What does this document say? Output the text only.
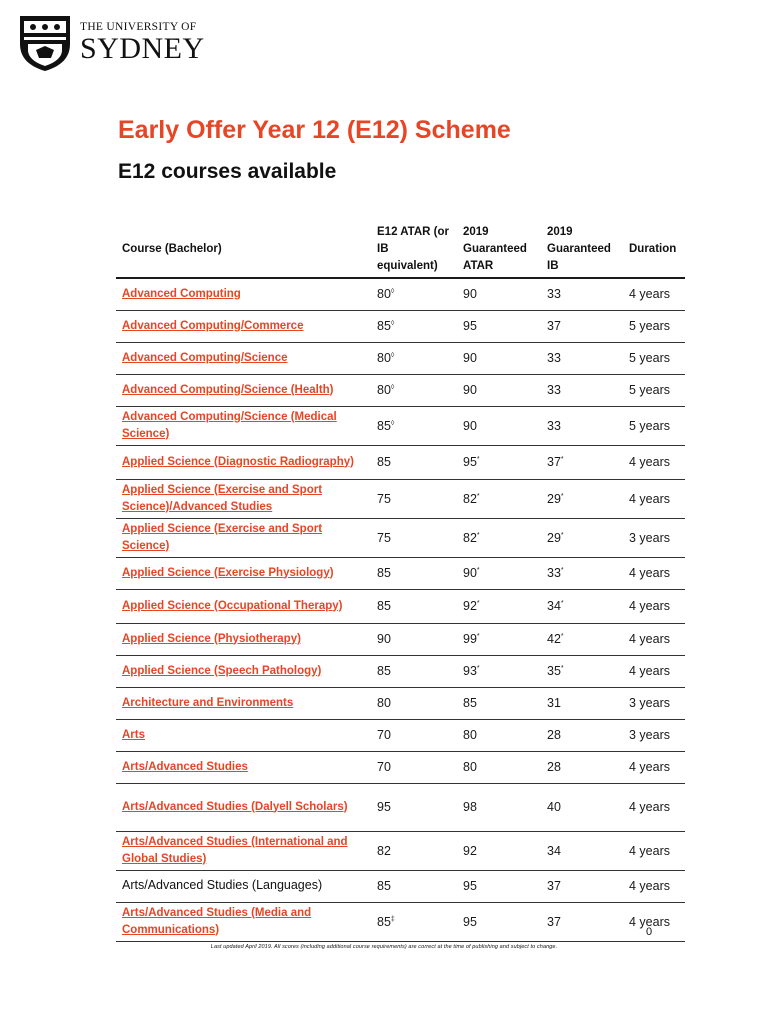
THE UNIVERSITY OF
SYDNEY
Early Offer Year 12 (E12) Scheme
E12 courses available
Course (Bachelor)	E12 ATAR (or IB equivalent)	2019 Guaranteed ATAR	2019 Guaranteed IB	Duration
Advanced Computing	80◊	90	33	4 years
Advanced Computing/Commerce	85◊	95	37	5 years
Advanced Computing/Science	80◊	90	33	5 years
Advanced Computing/Science (Health)	80◊	90	33	5 years
Advanced Computing/Science (Medical Science)	85◊	90	33	5 years
Applied Science (Diagnostic Radiography)	85	95*	37*	4 years
Applied Science (Exercise and Sport Science)/Advanced Studies	75	82*	29*	4 years
Applied Science (Exercise and Sport Science)	75	82*	29*	3 years
Applied Science (Exercise Physiology)	85	90*	33*	4 years
Applied Science (Occupational Therapy)	85	92*	34*	4 years
Applied Science (Physiotherapy)	90	99*	42*	4 years
Applied Science (Speech Pathology)	85	93*	35*	4 years
Architecture and Environments	80	85	31	3 years
Arts	70	80	28	3 years
Arts/Advanced Studies	70	80	28	4 years
Arts/Advanced Studies (Dalyell Scholars)	95	98	40	4 years
Arts/Advanced Studies (International and Global Studies)	82	92	34	4 years
Arts/Advanced Studies (Languages)	85	95	37	4 years
Arts/Advanced Studies (Media and Communications)	85‡	95	37	4 years
0
Last updated April 2019. All scores (including additional course requirements) are correct at the time of publishing and subject to change.
